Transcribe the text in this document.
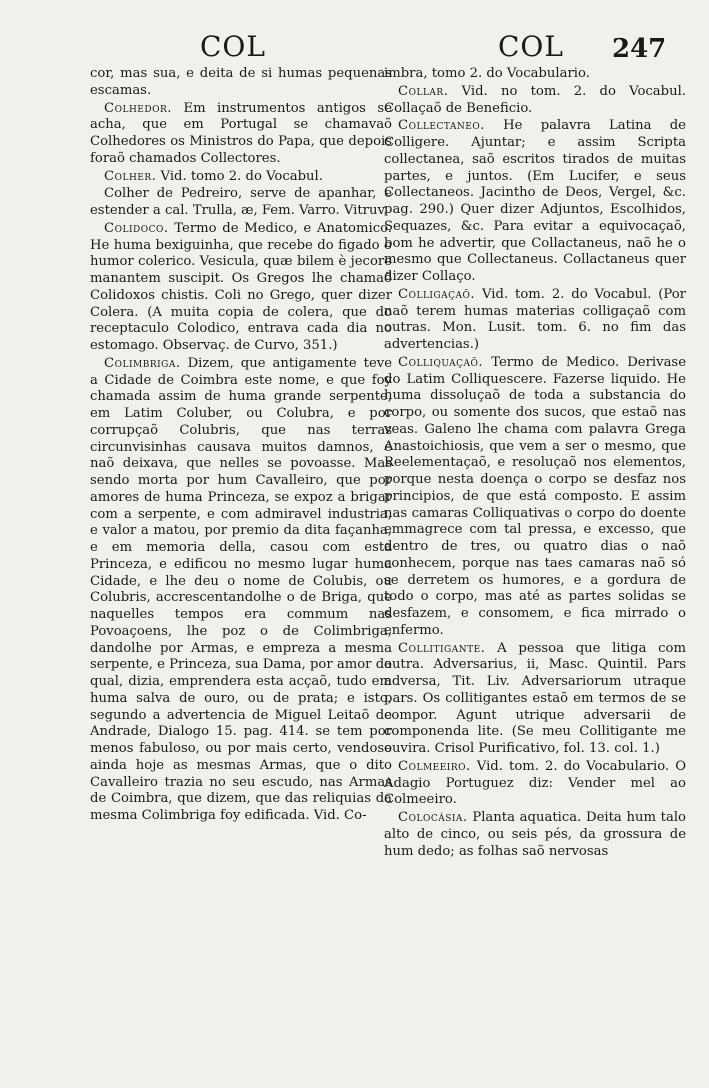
COL	COL 247

cor, mas sua, e deita de si humas pequenas escamas.

Colhedor. Em instrumentos antigos se acha, que em Portugal se chamavaõ Colhedores os Ministros do Papa, que depois foraõ chamados Collectores.

Colher. Vid. tomo 2. do Vocabul.

Colher de Pedreiro, serve de apanhar, e estender a cal. Trulla, æ, Fem. Varro. Vitruv.

Colidoco. Termo de Medico, e Anatomico. He huma bexiguinha, que recebe do figado o humor colerico. Vesicula, quæ bilem è jecore manantem suscipit. Os Gregos lhe chamaõ Colidoxos chistis. Coli no Grego, quer dizer Colera. (A muita copia de colera, que do receptaculo Colodico, entrava cada dia no estomago. Observaç. de Curvo, 351.)

Colimbriga. Dizem, que antigamente teve a Cidade de Coimbra este nome, e que foy chamada assim de huma grande serpente, em Latim Coluber, ou Colubra, e por corrupçaõ Colubris, que nas terras circunvisinhas causava muitos damnos, e naõ deixava, que nelles se povoasse. Mas sendo morta por hum Cavalleiro, que por amores de huma Princeza, se expoz a brigar com a serpente, e com admiravel industria, e valor a matou, por premio da dita façanha, e em memoria della, casou com esta Princeza, e edificou no mesmo lugar huma Cidade, e lhe deu o nome de Colubis, ou Colubris, accrescentandolhe o de Briga, que naquelles tempos era commum nas Povoaçoens, lhe poz o de Colimbriga, dandolhe por Armas, e empreza a mesma serpente, e Princeza, sua Dama, por amor da qual, dizia, emprendera esta acçaõ, tudo em huma salva de ouro, ou de prata; e isto, segundo a advertencia de Miguel Leitaõ de Andrade, Dialogo 15. pag. 414. se tem por menos fabuloso, ou por mais certo, vendose ainda hoje as mesmas Armas, que o dito Cavalleiro trazia no seu escudo, nas Armas de Coimbra, que dizem, que das reliquias da mesma Colimbriga foy edificada. Vid. Co-

imbra, tomo 2. do Vocabulario.

Collar. Vid. no tom. 2. do Vocabul. Collaçaõ de Beneficio.

Collectaneo. He palavra Latina de Colligere. Ajuntar; e assim Scripta collectanea, saõ escritos tirados de muitas partes, e juntos. (Em Lucifer, e seus Collectaneos. Jacintho de Deos, Vergel, &c. pag. 290.) Quer dizer Adjuntos, Escolhidos, Sequazes, &c. Para evitar a equivocaçaõ, bom he advertir, que Collactaneus, naõ he o mesmo que Collectaneus. Collactaneus quer dizer Collaço.

Colligaçaõ. Vid. tom. 2. do Vocabul. (Por naõ terem humas materias colligaçaõ com outras. Mon. Lusit. tom. 6. no fim das advertencias.)

Colliquaçaõ. Termo de Medico. Derivase do Latim Colliquescere. Fazerse liquido. He huma dissoluçaõ de toda a substancia do corpo, ou somente dos sucos, que estaõ nas veas. Galeno lhe chama com palavra Grega Anastoichiosis, que vem a ser o mesmo, que Reelementaçaõ, e resoluçaõ nos elementos, porque nesta doença o corpo se desfaz nos principios, de que está composto. E assim nas camaras Colliquativas o corpo do doente emmagrece com tal pressa, e excesso, que dentro de tres, ou quatro dias o naõ conhecem, porque nas taes camaras naõ só se derretem os humores, e a gordura de todo o corpo, mas até as partes solidas se desfazem, e consomem, e fica mirrado o enfermo.

Collitigante. A pessoa que litiga com outra. Adversarius, ii, Masc. Quintil. Pars adversa, Tit. Liv. Adversariorum utraque pars. Os collitigantes estaõ em termos de se compor. Agunt utrique adversarii de componenda lite. (Se meu Collitigante me ouvira. Crisol Purificativo, fol. 13. col. 1.)

Colmeeiro. Vid. tom. 2. do Vocabulario. O Adagio Portuguez diz: Vender mel ao Colmeeiro.

Colocásia. Planta aquatica. Deita hum talo alto de cinco, ou seis pés, da grossura de hum dedo; as folhas saõ nervosas
